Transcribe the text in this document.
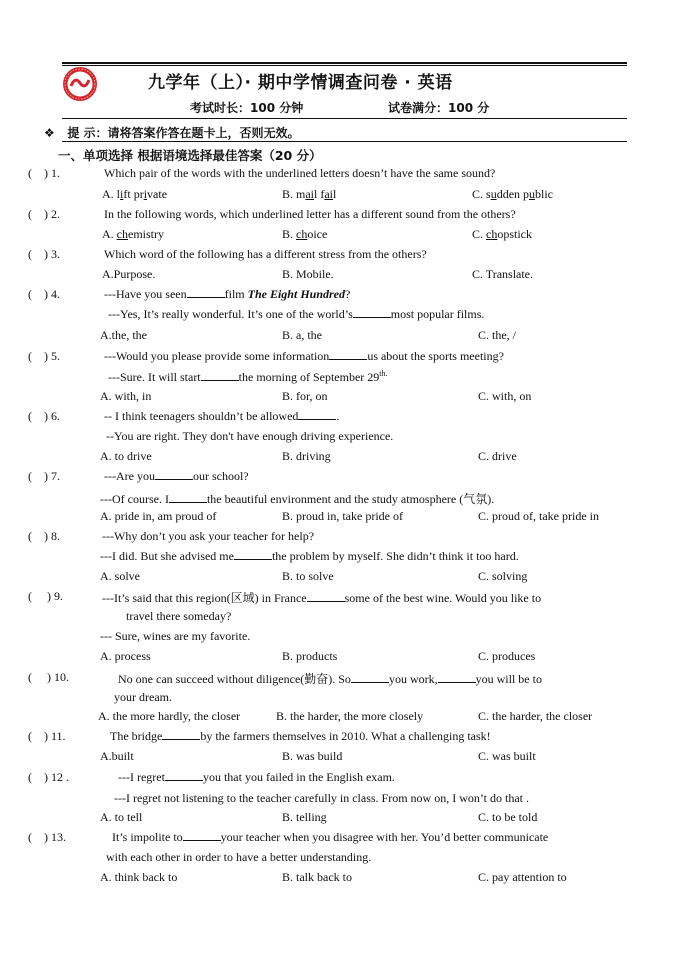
九学年（上）· 期中学情调查问卷 · 英语
考试时长：100 分钟	试卷满分：100 分
❖ 提 示：请将答案作答在题卡上，否则无效。
一、单项选择 根据语境选择最佳答案（20 分）
( ) 1.	Which pair of the words with the underlined letters doesn’t have the same sound?
A. lift private	B. mail fail	C. sudden public
( ) 2.	In the following words, which underlined letter has a different sound from the others?
A. chemistry	B. choice	C. chopstick
( ) 3.	Which word of the following has a different stress from the others?
A.Purpose.	B. Mobile.	C. Translate.
( ) 4.	---Have you seen	film The Eight Hundred?
---Yes, It’s really wonderful. It’s one of the world’s	most popular films.
A.the, the	B. a, the	C. the, /
( ) 5.	---Would you please provide some information	us about the sports meeting?
---Sure. It will start	the morning of September $29^{th.}$
A. with, in	B. for, on	C. with, on
( ) 6.	-- I think teenagers shouldn’t be allowed	.
--You are right. They don't have enough driving experience.
A. to drive	B. driving	C. drive
( ) 7.	---Are you	our school?
---Of course. I	the beautiful environment and the study atmosphere (气氛).
A. pride in, am proud of	B. proud in, take pride of	C. proud of, take pride in
( ) 8.	---Why don’t you ask your teacher for help?
---I did. But she advised me	the problem by myself. She didn’t think it too hard.
A. solve	B. to solve	C. solving
( ) 9.	---It’s said that this region(区域) in France	some of the best wine. Would you like to
travel there someday?
--- Sure, wines are my favorite.
A. process	B. products	C. produces
( ) 10.	No one can succeed without diligence(勤奋). So	you work,	you will be to
your dream.
A. the more hardly, the closer	B. the harder, the more closely	C. the harder, the closer
( ) 11.	The bridge	by the farmers themselves in 2010. What a challenging task!
A.built	B. was build	C. was built
( ) 12 .	---I regret	you that you failed in the English exam.
---I regret not listening to the teacher carefully in class. From now on, I won’t do that .
A. to tell	B. telling	C. to be told
( ) 13.	It’s impolite to	your teacher when you disagree with her. You’d better communicate
with each other in order to have a better understanding.
A. think back to	B. talk back to	C. pay attention to
